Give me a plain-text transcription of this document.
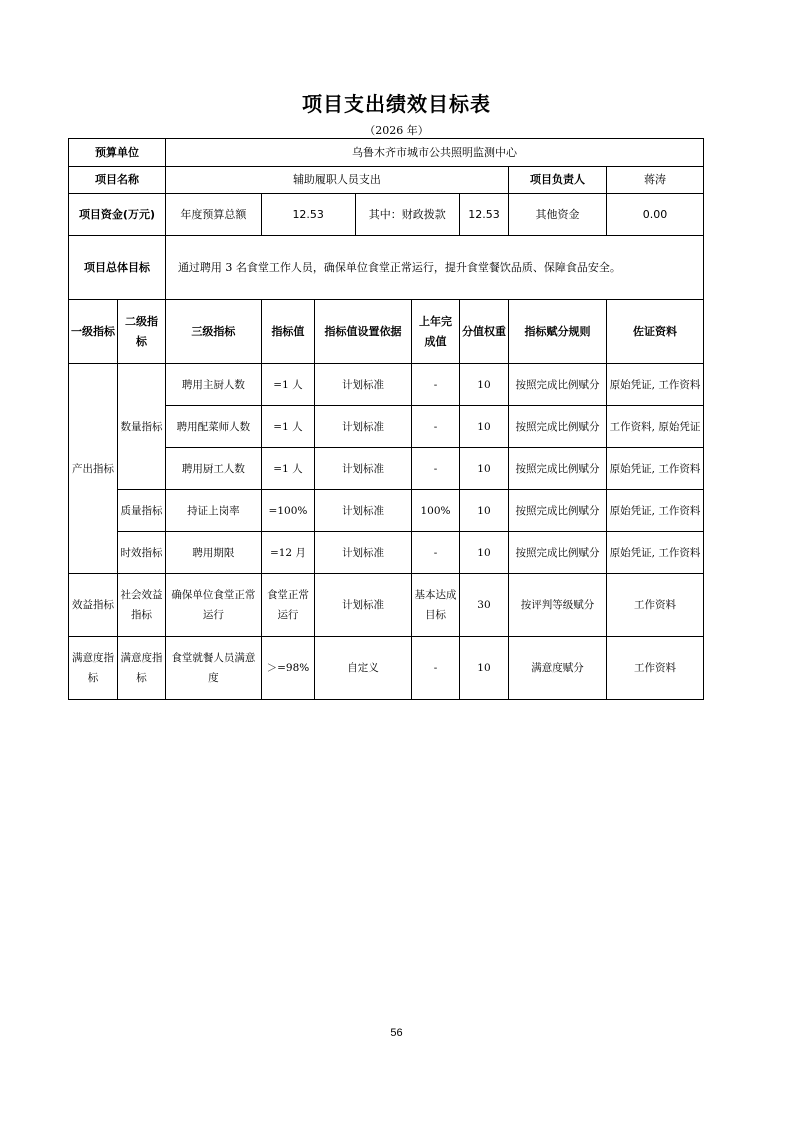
项目支出绩效目标表
（2026 年）
预算单位		乌鲁木齐市城市公共照明监测中心							
项目名称		辅助履职人员支出						项目负责人	蒋涛
项目资金(万元)		年度预算总额	12.53		其中：财政拨款		12.53	其他资金	0.00
项目总体目标		通过聘用 3 名食堂工作人员，确保单位食堂正常运行，提升食堂餐饮品质、保障食品安全。							
一级指标	二级指标	三级指标	指标值	指标值设置依据		上年完成值	分值权重	指标赋分规则	佐证资料
产出指标	数量指标	聘用主厨人数	=1 人	计划标准		-	10	按照完成比例赋分	原始凭证, 工作资料
		聘用配菜师人数	=1 人	计划标准		-	10	按照完成比例赋分	工作资料, 原始凭证
		聘用厨工人数	=1 人	计划标准		-	10	按照完成比例赋分	原始凭证, 工作资料
	质量指标	持证上岗率	=100%	计划标准		100%	10	按照完成比例赋分	原始凭证, 工作资料
	时效指标	聘用期限	=12 月	计划标准		-	10	按照完成比例赋分	原始凭证, 工作资料
效益指标	社会效益指标	确保单位食堂正常运行	食堂正常运行	计划标准		基本达成目标	30	按评判等级赋分	工作资料
满意度指标	满意度指标	食堂就餐人员满意度	＞=98%	自定义		-	10	满意度赋分	工作资料
56
